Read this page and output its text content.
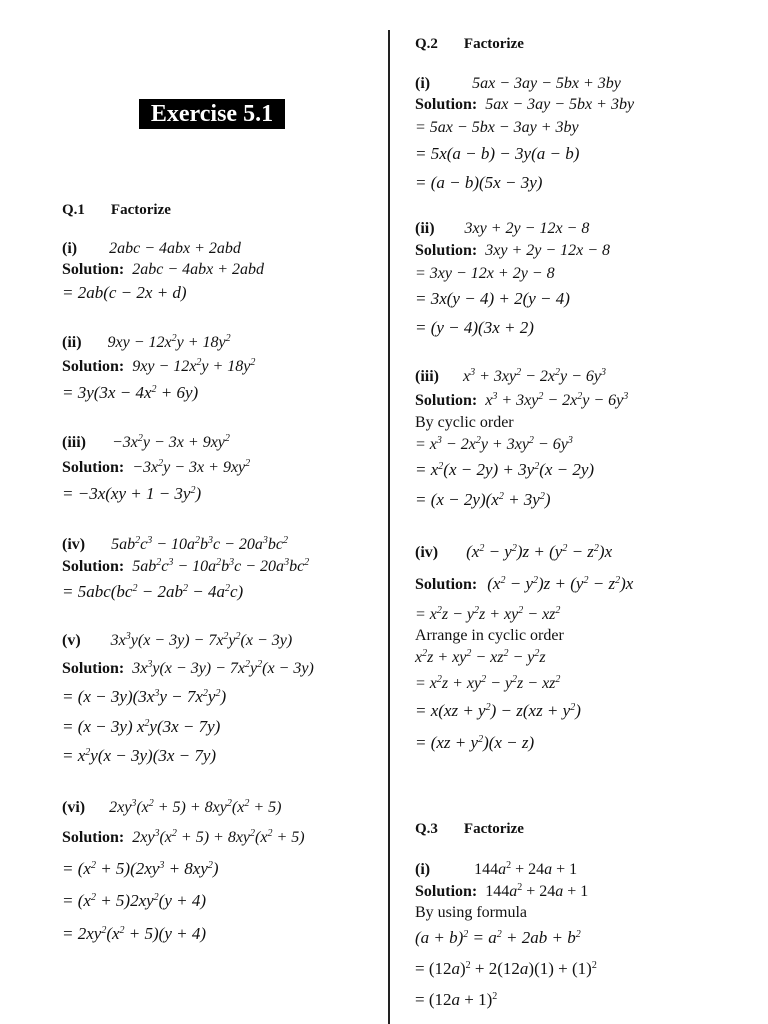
Exercise 5.1
Q.1 Factorize
(i) 2abc − 4abx + 2abd
Solution: 2abc − 4abx + 2abd
= 2ab(c − 2x + d)
(ii) $9xy - 12x^2y + 18y^2$
Solution: $9xy - 12x^2y + 18y^2$
= $3y(3x - 4x^2 + 6y)$
$(iii) -3x^2y - 3x + 9xy^2$
Solution: $-3x^2y - 3x + 9xy^2$
= $-3x(xy + 1 - 3y^2)$
(iv) $5ab^2c^3 - 10a^2b^3c - 20a^3bc^2$
Solution: $5ab^2c^3 - 10a^2b^3c - 20a^3bc^2$
= $5abc(bc^2 - 2ab^2 - 4a^2c)$
(v) $3x^3y(x - 3y) - 7x^2y^2(x - 3y)$
Solution: $3x^3y(x - 3y) - 7x^2y^2(x - 3y)$
= $(x - 3y)(3x^3y - 7x^2y^2)$
= (x − 3y) $x^2y(3x - 7y)$
= $x^2y(x - 3y)(3x - 7y)$
(vi) $2xy^3(x^2 + 5) + 8xy^2(x^2 + 5)$
Solution: $2xy^3(x^2 + 5) + 8xy^2(x^2 + 5)$
= $(x^2 + 5)(2xy^3 + 8xy^2)$
= $(x^2 + 5)2xy^2(y + 4)$
= $2xy^2(x^2 + 5)(y + 4)$
Q.2 Factorize
(i)	5ax − 3ay − 5bx + 3by
Solution: 5ax − 3ay − 5bx + 3by
= 5ax − 5bx − 3ay + 3by
= 5x(a − b) − 3y(a − b)
= (a − b)(5x − 3y)
(ii) 3xy + 2y − 12x − 8
Solution: 3xy + 2y − 12x − 8
= 3xy − 12x + 2y − 8
= 3x(y − 4) + 2(y − 4)
= (y − 4)(3x + 2)
(iii) $x^3 + 3xy^2 - 2x^2y - 6y^3$
Solution: $x^3 + 3xy^2 - 2x^2y - 6y^3$
By cyclic order
= $x^3 - 2x^2y + 3xy^2 - 6y^3$
= $x^2(x - 2y) + 3y^2(x - 2y)$
= $(x - 2y)(x^2 + 3y^2)$
(iv) $(x^2 - y^2)z + (y^2 - z^2)x$
Solution: $(x^2 - y^2)z + (y^2 - z^2)x$
= $x^2z - y^2z + xy^2 - xz^2$
Arrange in cyclic order
$x^2z + xy^2 - xz^2 - y^2z$
= $x^2z + xy^2 - y^2z - xz^2$
= $x(xz + y^2) - z(xz + y^2)$
= $(xz + y^2)(x - z)$
Q.3 Factorize
(i)	$144a^2 + 24a + 1$
Solution: $144a^2 + 24a + 1$
By using formula
$(a + b)^2 = a^2 + 2ab + b^2$
= $(12a)^2 + 2(12a)(1) + (1)^2$
= $(12a + 1)^2$
